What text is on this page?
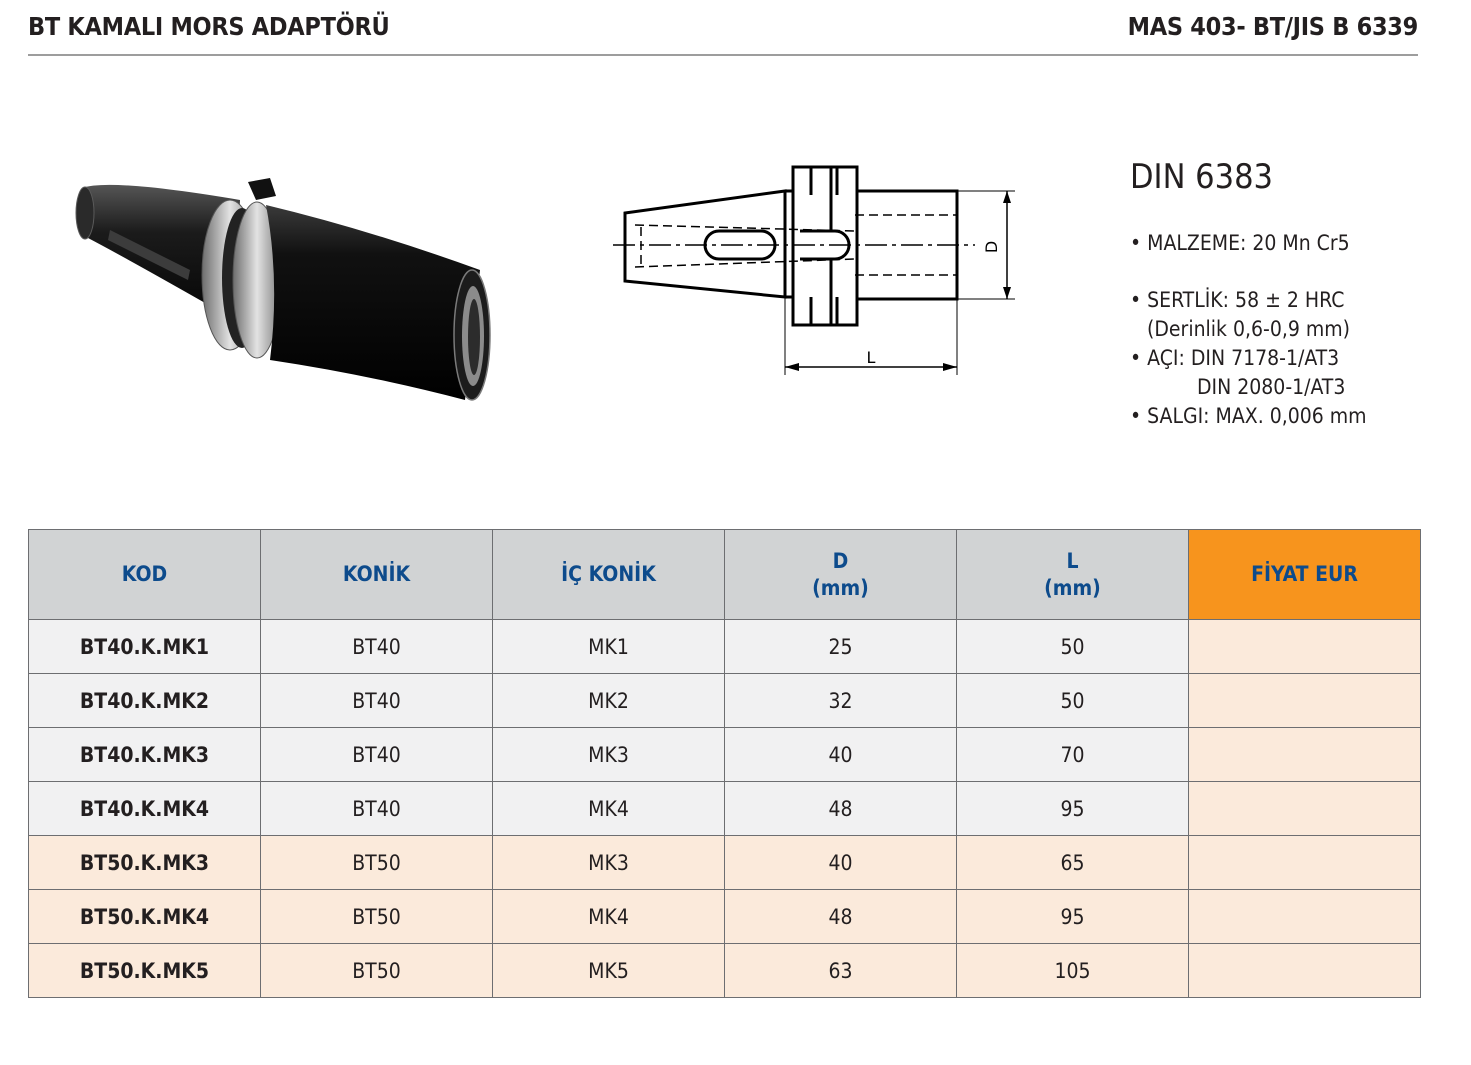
BT KAMALI MORS ADAPTÖRÜ	MAS 403- BT/JIS B 6339
D
L
DIN 6383
• MALZEME: 20 Mn Cr5
• SERTLİK: 58 ± 2 HRC
(Derinlik 0,6-0,9 mm)
• AÇI: DIN 7178-1/AT3
DIN 2080-1/AT3
• SALGI: MAX. 0,006 mm
KOD	KONİK	İÇ KONİK	D
(mm)	L
(mm)	FİYAT EUR
BT40.K.MK1	BT40	MK1	25	50	
BT40.K.MK2	BT40	MK2	32	50	
BT40.K.MK3	BT40	MK3	40	70	
BT40.K.MK4	BT40	MK4	48	95	
BT50.K.MK3	BT50	MK3	40	65	
BT50.K.MK4	BT50	MK4	48	95	
BT50.K.MK5	BT50	MK5	63	105	
